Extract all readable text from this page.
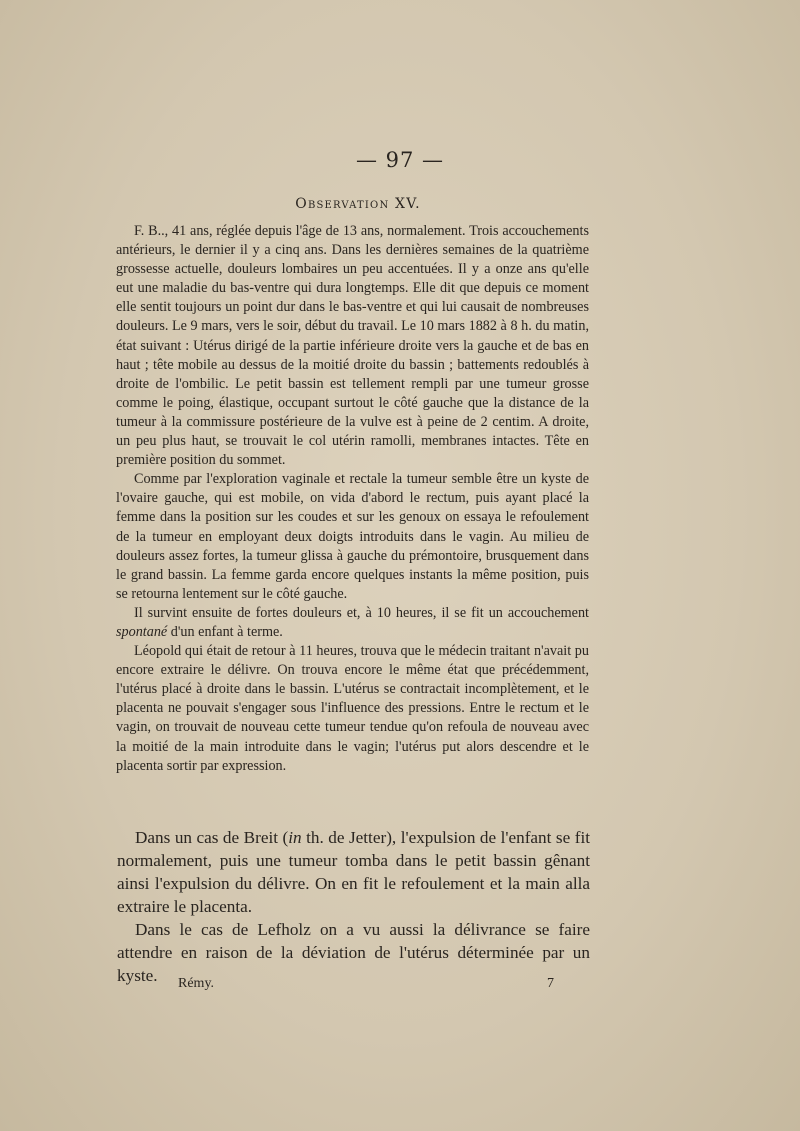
— 97 —
Observation XV.

F. B.., 41 ans, réglée depuis l'âge de 13 ans, normalement. Trois accouchements antérieurs, le dernier il y a cinq ans. Dans les dernières semaines de la quatrième grossesse actuelle, douleurs lombaires un peu accentuées. Il y a onze ans qu'elle eut une maladie du bas-ventre qui dura longtemps. Elle dit que depuis ce moment elle sentit toujours un point dur dans le bas-ventre et qui lui causait de nombreuses douleurs. Le 9 mars, vers le soir, début du travail. Le 10 mars 1882 à 8 h. du matin, état suivant : Utérus dirigé de la partie inférieure droite vers la gauche et de bas en haut ; tête mobile au dessus de la moitié droite du bassin ; battements redoublés à droite de l'ombilic. Le petit bassin est tellement rempli par une tumeur grosse comme le poing, élastique, occupant surtout le côté gauche que la distance de la tumeur à la commissure postérieure de la vulve est à peine de 2 centim. A droite, un peu plus haut, se trouvait le col utérin ramolli, membranes intactes. Tête en première position du sommet.

Comme par l'exploration vaginale et rectale la tumeur semble être un kyste de l'ovaire gauche, qui est mobile, on vida d'abord le rectum, puis ayant placé la femme dans la position sur les coudes et sur les genoux on essaya le refoulement de la tumeur en employant deux doigts introduits dans le vagin. Au milieu de douleurs assez fortes, la tumeur glissa à gauche du prémontoire, brusquement dans le grand bassin. La femme garda encore quelques instants la même position, puis se retourna lentement sur le côté gauche.

Il survint ensuite de fortes douleurs et, à 10 heures, il se fit un accouchement spontané d'un enfant à terme.

Léopold qui était de retour à 11 heures, trouva que le médecin traitant n'avait pu encore extraire le délivre. On trouva encore le même état que précédemment, l'utérus placé à droite dans le bassin. L'utérus se contractait incomplètement, et le placenta ne pouvait s'engager sous l'influence des pressions. Entre le rectum et le vagin, on trouvait de nouveau cette tumeur tendue qu'on refoula de nouveau avec la moitié de la main introduite dans le vagin; l'utérus put alors descendre et le placenta sortir par expression.

Dans un cas de Breit (in th. de Jetter), l'expulsion de l'enfant se fit normalement, puis une tumeur tomba dans le petit bassin gênant ainsi l'expulsion du délivre. On en fit le refoulement et la main alla extraire le placenta.

Dans le cas de Lefholz on a vu aussi la délivrance se faire attendre en raison de la déviation de l'utérus déterminée par un kyste.	Rémy.	7
